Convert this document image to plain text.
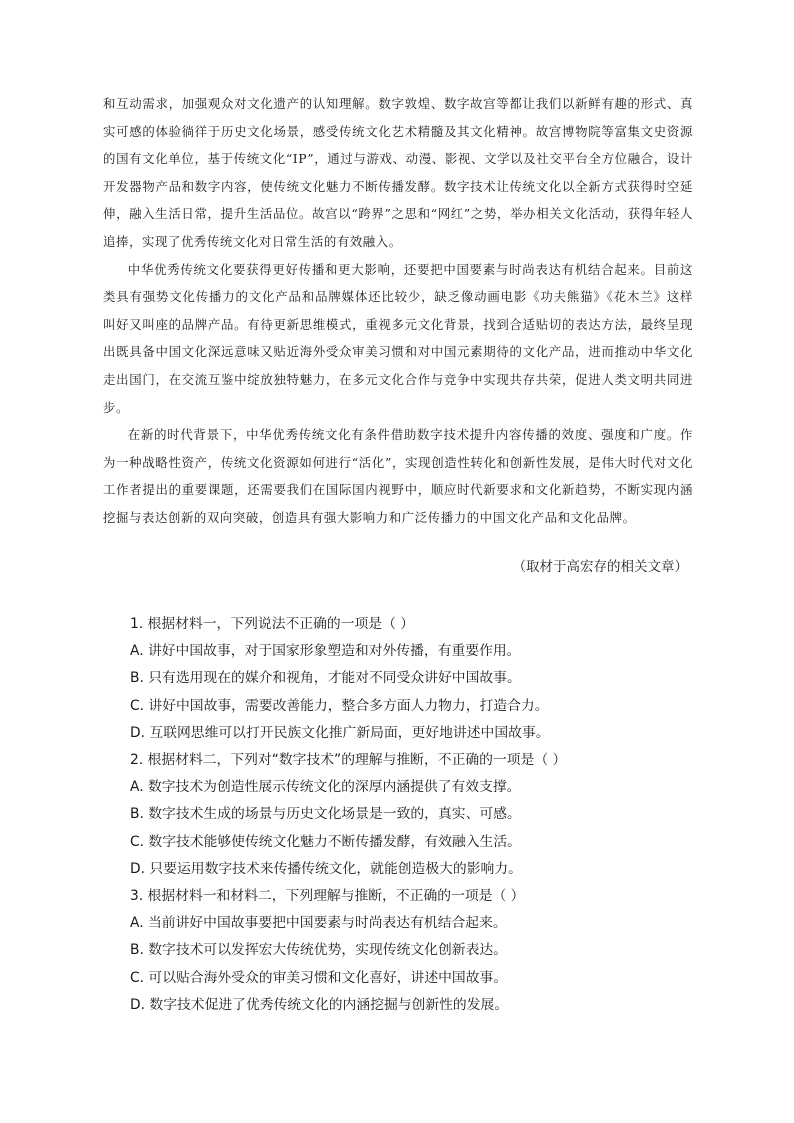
和互动需求，加强观众对文化遗产的认知理解。数字敦煌、数字故宫等都让我们以新鲜有趣的形式、真实可感的体验徜徉于历史文化场景，感受传统文化艺术精髓及其文化精神。故宫博物院等富集文史资源的国有文化单位，基于传统文化“IP”，通过与游戏、动漫、影视、文学以及社交平台全方位融合，设计开发器物产品和数字内容，使传统文化魅力不断传播发酵。数字技术让传统文化以全新方式获得时空延伸，融入生活日常，提升生活品位。故宫以“跨界”之思和“网红”之势，举办相关文化活动，获得年轻人追捧，实现了优秀传统文化对日常生活的有效融入。

中华优秀传统文化要获得更好传播和更大影响，还要把中国要素与时尚表达有机结合起来。目前这类具有强势文化传播力的文化产品和品牌媒体还比较少，缺乏像动画电影《功夫熊猫》《花木兰》这样叫好又叫座的品牌产品。有待更新思维模式，重视多元文化背景，找到合适贴切的表达方法，最终呈现出既具备中国文化深远意味又贴近海外受众审美习惯和对中国元素期待的文化产品，进而推动中华文化走出国门，在交流互鉴中绽放独特魅力，在多元文化合作与竞争中实现共存共荣，促进人类文明共同进步。

在新的时代背景下，中华优秀传统文化有条件借助数字技术提升内容传播的效度、强度和广度。作为一种战略性资产，传统文化资源如何进行“活化”，实现创造性转化和创新性发展，是伟大时代对文化工作者提出的重要课题，还需要我们在国际国内视野中，顺应时代新要求和文化新趋势，不断实现内涵挖掘与表达创新的双向突破，创造具有强大影响力和广泛传播力的中国文化产品和文化品牌。

（取材于高宏存的相关文章）

1. 根据材料一，下列说法不正确的一项是（ ）

A. 讲好中国故事，对于国家形象塑造和对外传播，有重要作用。

B. 只有选用现在的媒介和视角，才能对不同受众讲好中国故事。

C. 讲好中国故事，需要改善能力，整合多方面人力物力，打造合力。

D. 互联网思维可以打开民族文化推广新局面，更好地讲述中国故事。

2. 根据材料二，下列对“数字技术”的理解与推断，不正确的一项是（ ）

A. 数字技术为创造性展示传统文化的深厚内涵提供了有效支撑。

B. 数字技术生成的场景与历史文化场景是一致的，真实、可感。

C. 数字技术能够使传统文化魅力不断传播发酵，有效融入生活。

D. 只要运用数字技术来传播传统文化，就能创造极大的影响力。

3. 根据材料一和材料二，下列理解与推断，不正确的一项是（ ）

A. 当前讲好中国故事要把中国要素与时尚表达有机结合起来。

B. 数字技术可以发挥宏大传统优势，实现传统文化创新表达。

C. 可以贴合海外受众的审美习惯和文化喜好，讲述中国故事。

D. 数字技术促进了优秀传统文化的内涵挖掘与创新性的发展。
